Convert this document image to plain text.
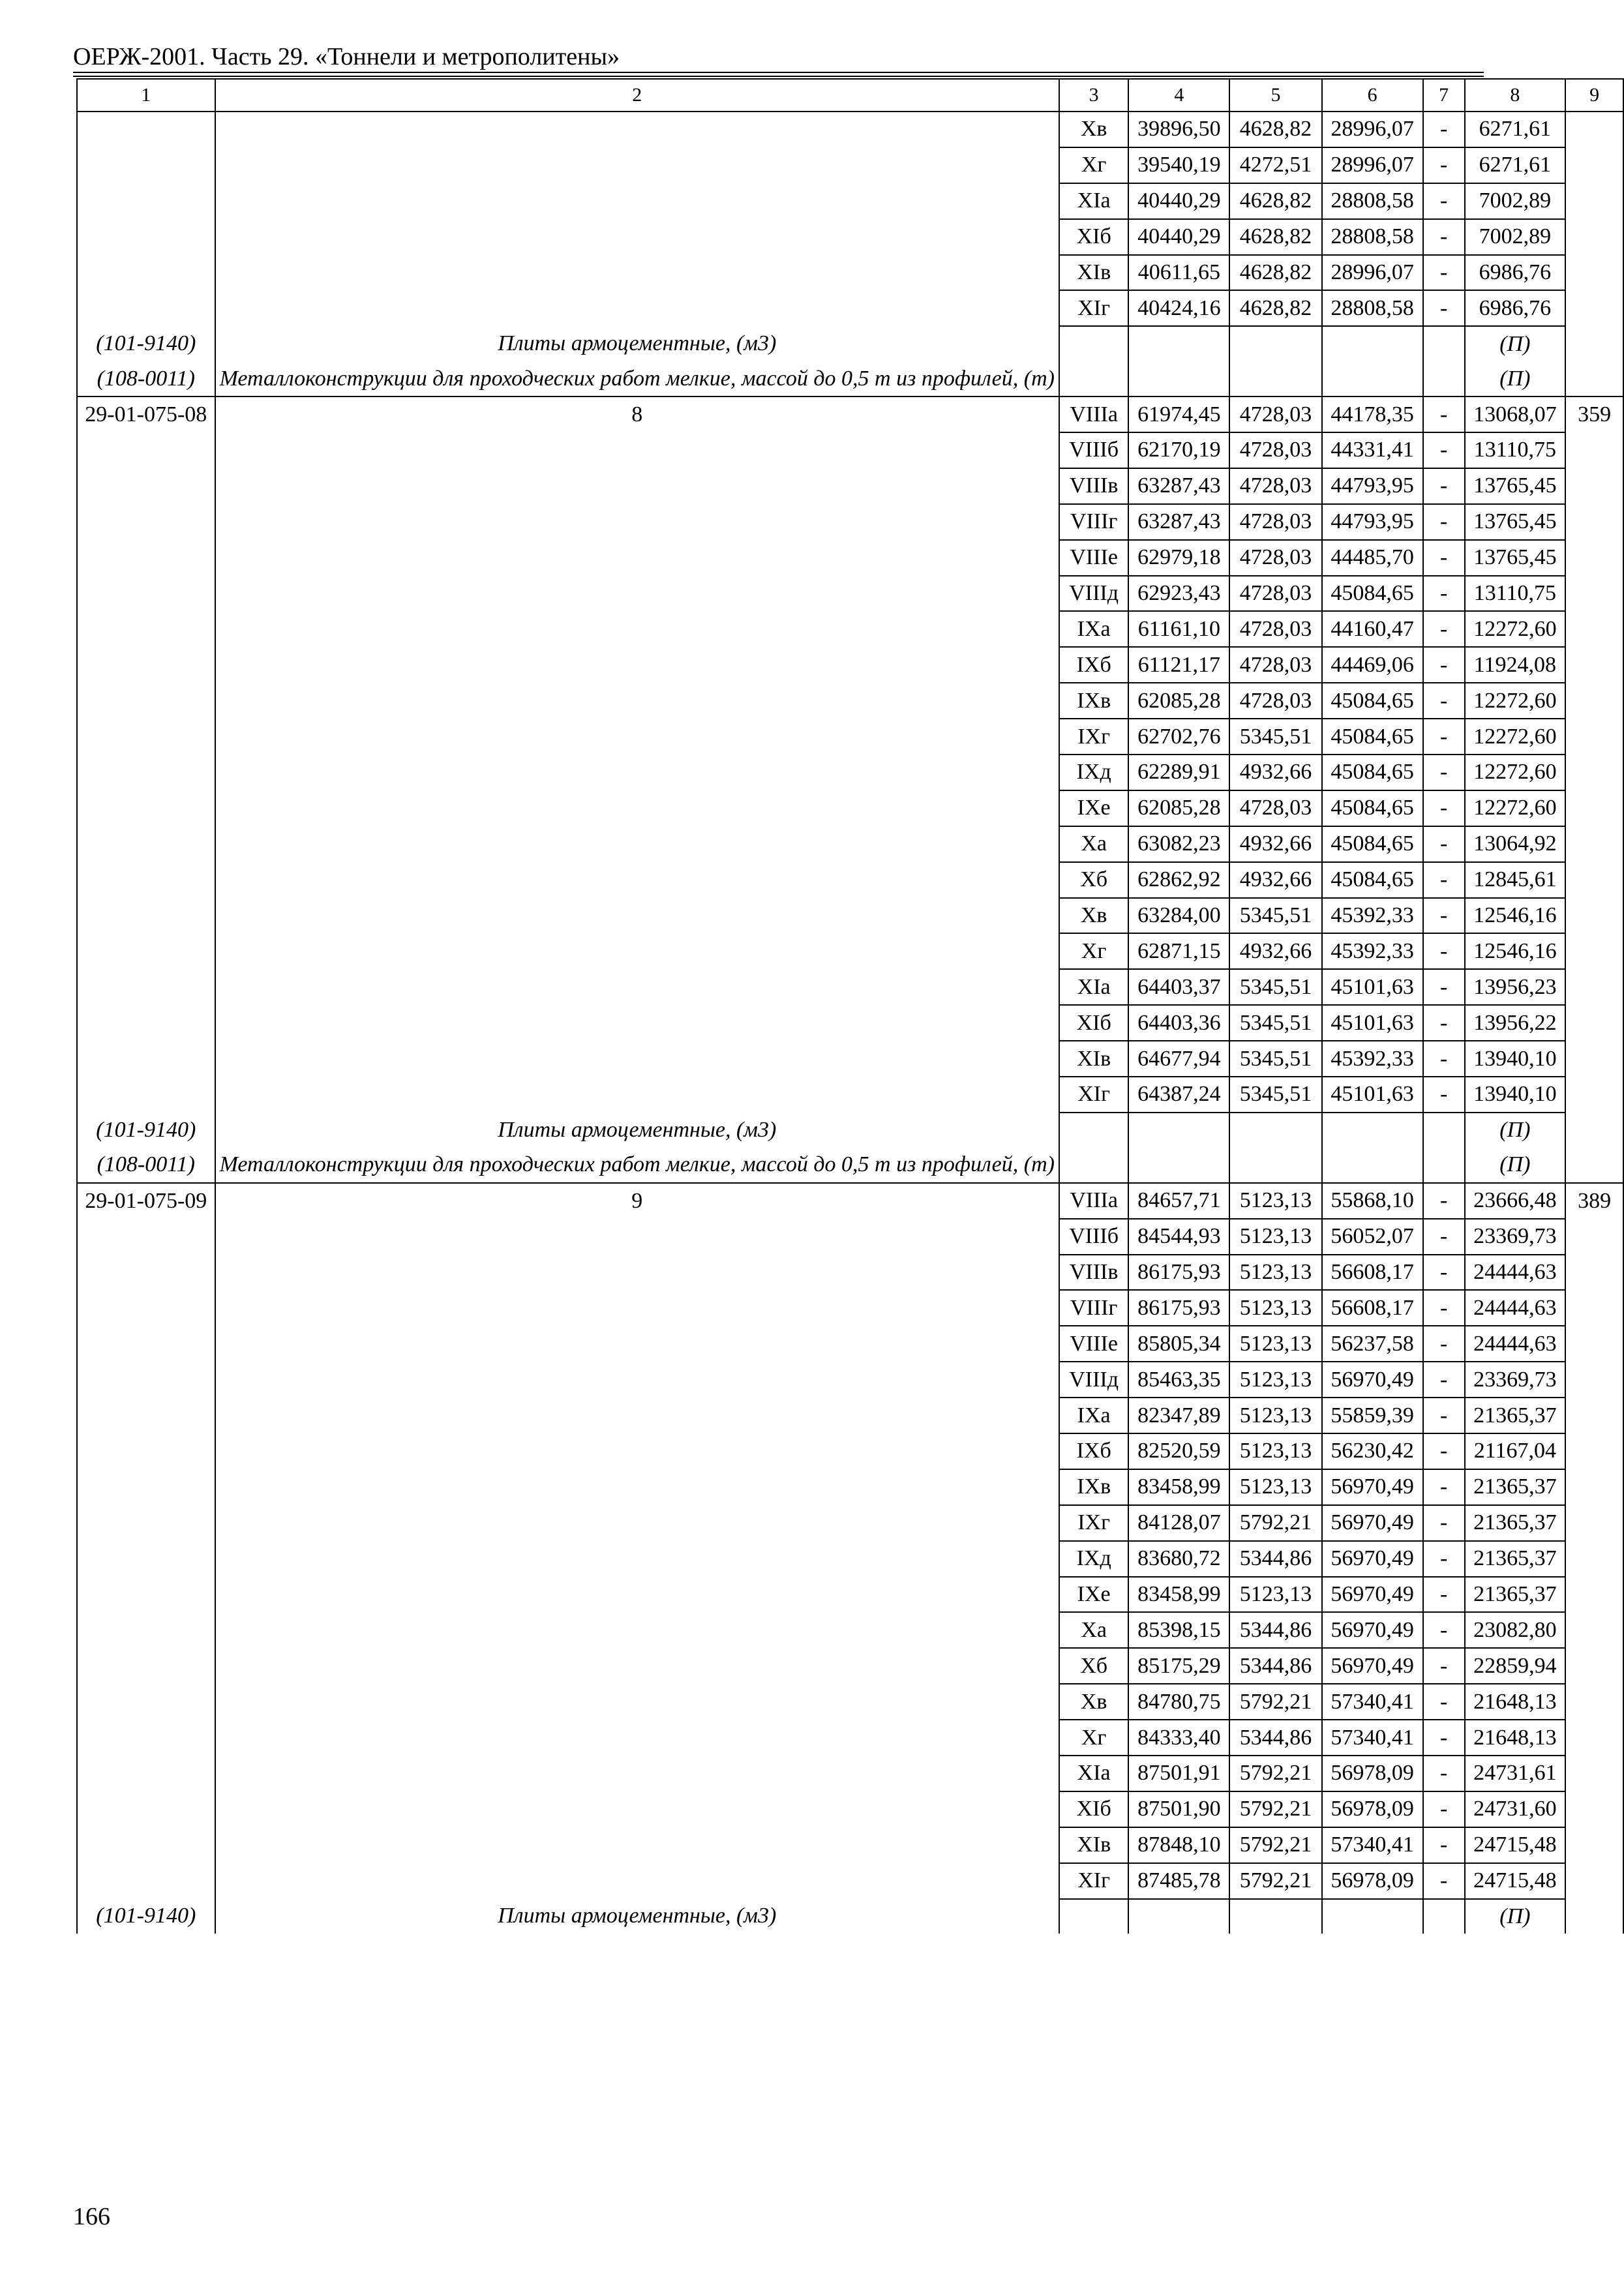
ОЕРЖ-2001. Часть 29. «Тоннели и метрополитены»
1	2	3	4	5	6	7	8	9
		Хв	39896,50	4628,82	28996,07	-	6271,61	
		Хг	39540,19	4272,51	28996,07	-	6271,61	
		ХIа	40440,29	4628,82	28808,58	-	7002,89	
		ХIб	40440,29	4628,82	28808,58	-	7002,89	
		ХIв	40611,65	4628,82	28996,07	-	6986,76	
		ХIг	40424,16	4628,82	28808,58	-	6986,76	
(101-9140)	Плиты армоцементные, (м3)						(П)	
(108-0011)	Металлоконструкции для проходческих работ мелкие, массой до 0,5 т из профилей, (т)						(П)	
29-01-075-08	8	VIIIа	61974,45	4728,03	44178,35	-	13068,07	359
		VIIIб	62170,19	4728,03	44331,41	-	13110,75	
		VIIIв	63287,43	4728,03	44793,95	-	13765,45	
		VIIIг	63287,43	4728,03	44793,95	-	13765,45	
		VIIIе	62979,18	4728,03	44485,70	-	13765,45	
		VIIIд	62923,43	4728,03	45084,65	-	13110,75	
		IХа	61161,10	4728,03	44160,47	-	12272,60	
		IХб	61121,17	4728,03	44469,06	-	11924,08	
		IХв	62085,28	4728,03	45084,65	-	12272,60	
		IХг	62702,76	5345,51	45084,65	-	12272,60	
		IХд	62289,91	4932,66	45084,65	-	12272,60	
		IХе	62085,28	4728,03	45084,65	-	12272,60	
		Ха	63082,23	4932,66	45084,65	-	13064,92	
		Хб	62862,92	4932,66	45084,65	-	12845,61	
		Хв	63284,00	5345,51	45392,33	-	12546,16	
		Хг	62871,15	4932,66	45392,33	-	12546,16	
		ХIа	64403,37	5345,51	45101,63	-	13956,23	
		ХIб	64403,36	5345,51	45101,63	-	13956,22	
		ХIв	64677,94	5345,51	45392,33	-	13940,10	
		ХIг	64387,24	5345,51	45101,63	-	13940,10	
(101-9140)	Плиты армоцементные, (м3)						(П)	
(108-0011)	Металлоконструкции для проходческих работ мелкие, массой до 0,5 т из профилей, (т)						(П)	
29-01-075-09	9	VIIIа	84657,71	5123,13	55868,10	-	23666,48	389
		VIIIб	84544,93	5123,13	56052,07	-	23369,73	
		VIIIв	86175,93	5123,13	56608,17	-	24444,63	
		VIIIг	86175,93	5123,13	56608,17	-	24444,63	
		VIIIе	85805,34	5123,13	56237,58	-	24444,63	
		VIIIд	85463,35	5123,13	56970,49	-	23369,73	
		IХа	82347,89	5123,13	55859,39	-	21365,37	
		IХб	82520,59	5123,13	56230,42	-	21167,04	
		IХв	83458,99	5123,13	56970,49	-	21365,37	
		IХг	84128,07	5792,21	56970,49	-	21365,37	
		IХд	83680,72	5344,86	56970,49	-	21365,37	
		IХе	83458,99	5123,13	56970,49	-	21365,37	
		Ха	85398,15	5344,86	56970,49	-	23082,80	
		Хб	85175,29	5344,86	56970,49	-	22859,94	
		Хв	84780,75	5792,21	57340,41	-	21648,13	
		Хг	84333,40	5344,86	57340,41	-	21648,13	
		ХIа	87501,91	5792,21	56978,09	-	24731,61	
		ХIб	87501,90	5792,21	56978,09	-	24731,60	
		ХIв	87848,10	5792,21	57340,41	-	24715,48	
		ХIг	87485,78	5792,21	56978,09	-	24715,48	
(101-9140)	Плиты армоцементные, (м3)						(П)	
166
